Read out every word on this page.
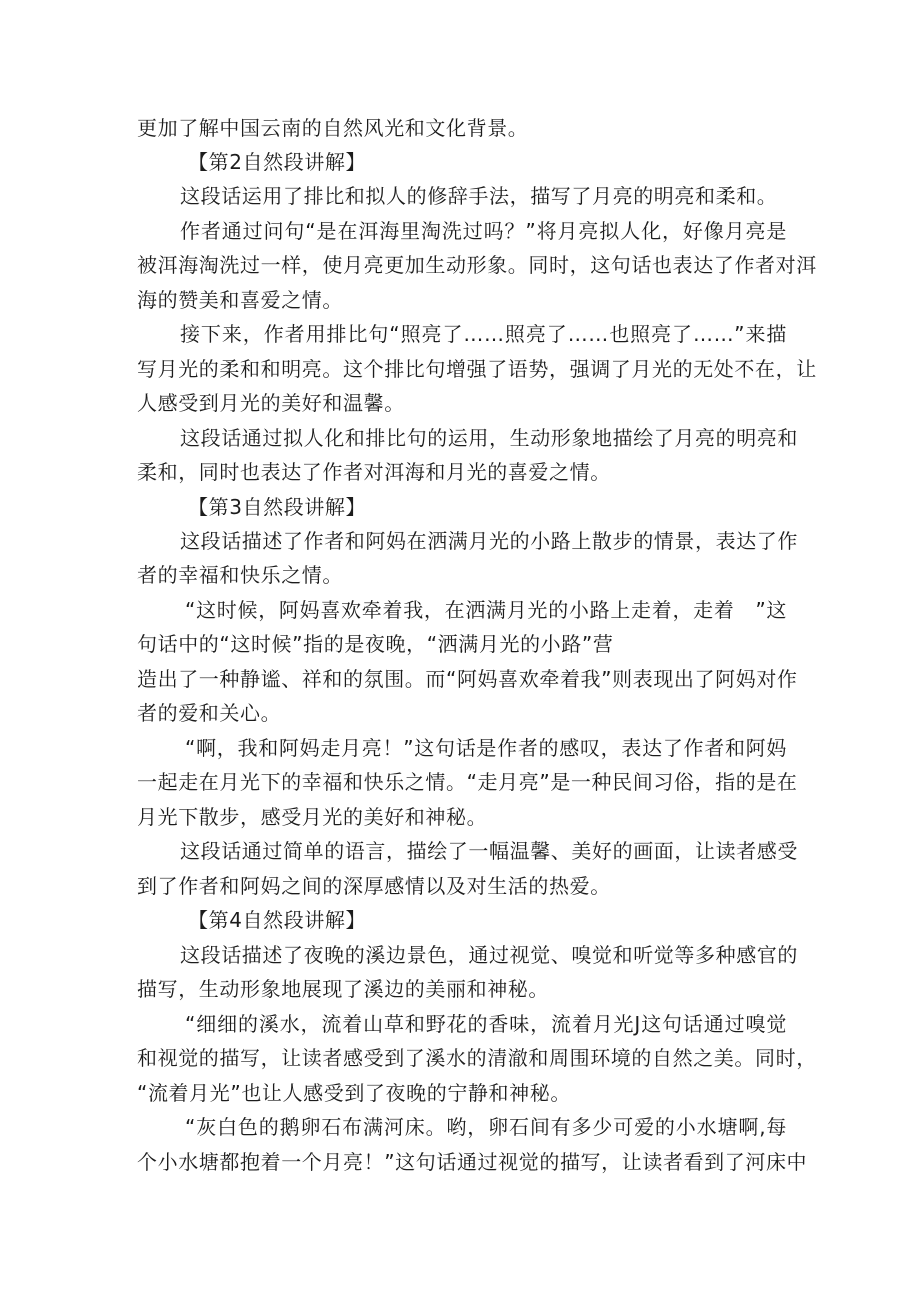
更加了解中国云南的自然风光和文化背景。
【第2自然段讲解】
这段话运用了排比和拟人的修辞手法，描写了月亮的明亮和柔和。
作者通过问句“是在洱海里淘洗过吗？”将月亮拟人化，好像月亮是
被洱海淘洗过一样，使月亮更加生动形象。同时，这句话也表达了作者对洱
海的赞美和喜爱之情。
接下来，作者用排比句“照亮了……照亮了……也照亮了……”来描
写月光的柔和和明亮。这个排比句增强了语势，强调了月光的无处不在，让
人感受到月光的美好和温馨。
这段话通过拟人化和排比句的运用，生动形象地描绘了月亮的明亮和
柔和，同时也表达了作者对洱海和月光的喜爱之情。
【第3自然段讲解】
这段话描述了作者和阿妈在洒满月光的小路上散步的情景，表达了作
者的幸福和快乐之情。
“这时候，阿妈喜欢牵着我，在洒满月光的小路上走着，走着　”这
句话中的“这时候”指的是夜晚，“洒满月光的小路”营
造出了一种静谧、祥和的氛围。而“阿妈喜欢牵着我”则表现出了阿妈对作
者的爱和关心。
“啊，我和阿妈走月亮！”这句话是作者的感叹，表达了作者和阿妈
一起走在月光下的幸福和快乐之情。“走月亮”是一种民间习俗，指的是在
月光下散步，感受月光的美好和神秘。
这段话通过简单的语言，描绘了一幅温馨、美好的画面，让读者感受
到了作者和阿妈之间的深厚感情以及对生活的热爱。
【第4自然段讲解】
这段话描述了夜晚的溪边景色，通过视觉、嗅觉和听觉等多种感官的
描写，生动形象地展现了溪边的美丽和神秘。
“细细的溪水，流着山草和野花的香味，流着月光J这句话通过嗅觉
和视觉的描写，让读者感受到了溪水的清澈和周围环境的自然之美。同时，
“流着月光”也让人感受到了夜晚的宁静和神秘。
“灰白色的鹅卵石布满河床。哟，卵石间有多少可爱的小水塘啊,每
个小水塘都抱着一个月亮！”这句话通过视觉的描写，让读者看到了河床中
